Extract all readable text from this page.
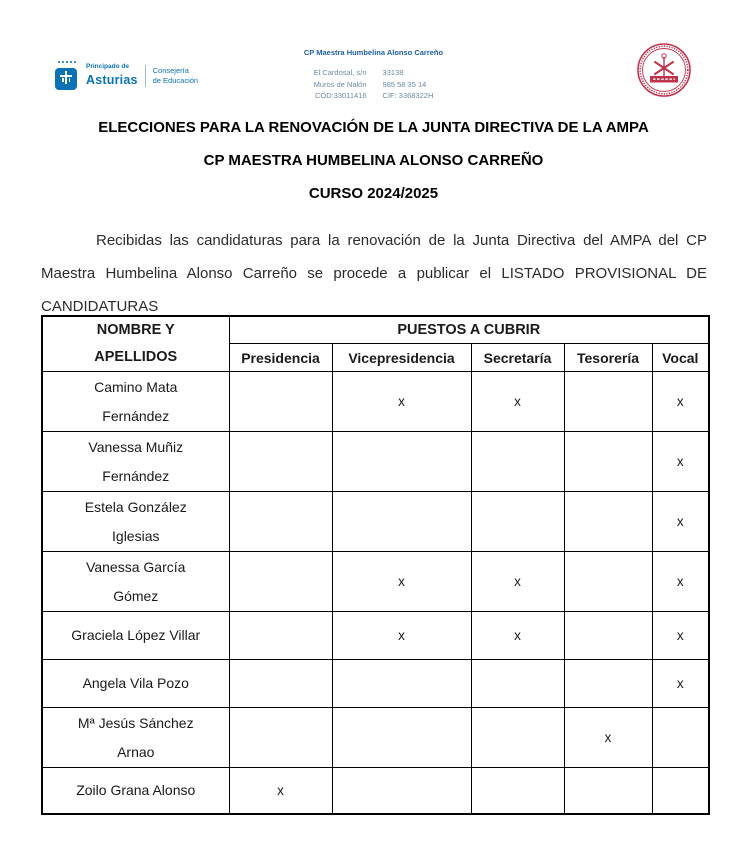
Principado de
Asturias
Consejería
de Educación
CP Maestra Humbelina Alonso Carreño
El Cardosal, s/n 33138
Muros de Nalón 985 58 35 14
CÓD:33011416 CIF: 3368322H
ELECCIONES PARA LA RENOVACIÓN DE LA JUNTA DIRECTIVA DE LA AMPA
CP MAESTRA HUMBELINA ALONSO CARREÑO
CURSO 2024/2025

Recibidas las candidaturas para la renovación de la Junta Directiva del AMPA del CP Maestra Humbelina Alonso Carreño se procede a publicar el LISTADO PROVISIONAL DE CANDIDATURAS

NOMBRE Y
APELLIDOS	PUESTOS A CUBRIR				
	Presidencia	Vicepresidencia	Secretaría	Tesorería	Vocal

Camino Mata
Fernández		x	x		x

Vanessa Muñiz
Fernández					x

Estela González
Iglesias					x

Vanessa García
Gómez		x	x		x

Graciela López Villar		x	x		x

Angela Vila Pozo					x

Mª Jesús Sánchez
Arnao				x	

Zoilo Grana Alonso	x				
